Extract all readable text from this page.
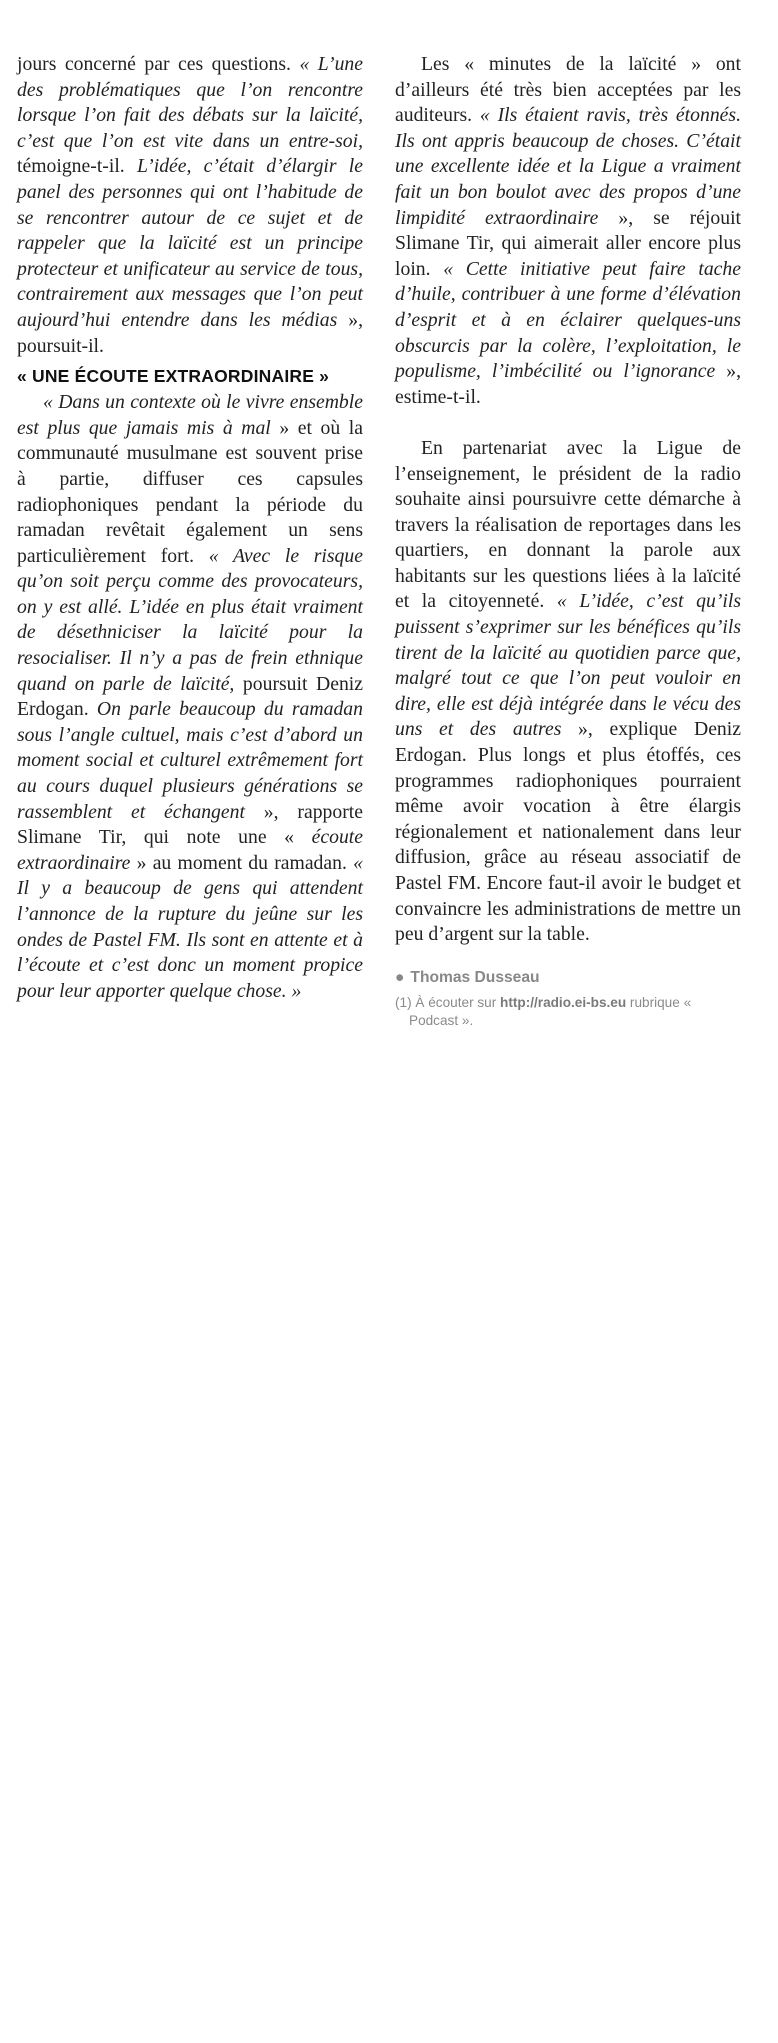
jours concerné par ces questions. « L’une des problématiques que l’on rencontre lorsque l’on fait des débats sur la laïcité, c’est que l’on est vite dans un entre-soi, témoigne-t-il. L’idée, c’était d’élargir le panel des personnes qui ont l’habitude de se rencontrer autour de ce sujet et de rappeler que la laïcité est un principe protecteur et unificateur au service de tous, contrairement aux messages que l’on peut aujourd’hui entendre dans les médias », poursuit-il.

« UNE ÉCOUTE EXTRAORDINAIRE »

« Dans un contexte où le vivre ensemble est plus que jamais mis à mal » et où la communauté musulmane est souvent prise à partie, diffuser ces capsules radiophoniques pendant la période du ramadan revêtait également un sens particulièrement fort. « Avec le risque qu’on soit perçu comme des provocateurs, on y est allé. L’idée en plus était vraiment de désethniciser la laïcité pour la resocialiser. Il n’y a pas de frein ethnique quand on parle de laïcité, poursuit Deniz Erdogan. On parle beaucoup du ramadan sous l’angle cultuel, mais c’est d’abord un moment social et culturel extrêmement fort au cours duquel plusieurs générations se rassemblent et échangent », rapporte Slimane Tir, qui note une « écoute extraordinaire » au moment du ramadan. « Il y a beaucoup de gens qui attendent l’annonce de la rupture du jeûne sur les ondes de Pastel FM. Ils sont en attente et à l’écoute et c’est donc un moment propice pour leur apporter quelque chose. »

Les « minutes de la laïcité » ont d’ailleurs été très bien acceptées par les auditeurs. « Ils étaient ravis, très étonnés. Ils ont appris beaucoup de choses. C’était une excellente idée et la Ligue a vraiment fait un bon boulot avec des propos d’une limpidité extraordinaire », se réjouit Slimane Tir, qui aimerait aller encore plus loin. « Cette initiative peut faire tache d’huile, contribuer à une forme d’élévation d’esprit et à en éclairer quelques-uns obscurcis par la colère, l’exploitation, le populisme, l’imbécilité ou l’ignorance », estime-t-il.

En partenariat avec la Ligue de l’enseignement, le président de la radio souhaite ainsi poursuivre cette démarche à travers la réalisation de reportages dans les quartiers, en donnant la parole aux habitants sur les questions liées à la laïcité et la citoyenneté. « L’idée, c’est qu’ils puissent s’exprimer sur les bénéfices qu’ils tirent de la laïcité au quotidien parce que, malgré tout ce que l’on peut vouloir en dire, elle est déjà intégrée dans le vécu des uns et des autres », explique Deniz Erdogan. Plus longs et plus étoffés, ces programmes radiophoniques pourraient même avoir vocation à être élargis régionalement et nationalement dans leur diffusion, grâce au réseau associatif de Pastel FM. Encore faut-il avoir le budget et convaincre les administrations de mettre un peu d’argent sur la table.

● Thomas Dusseau
(1) À écouter sur http://radio.ei-bs.eu rubrique « Podcast ».
